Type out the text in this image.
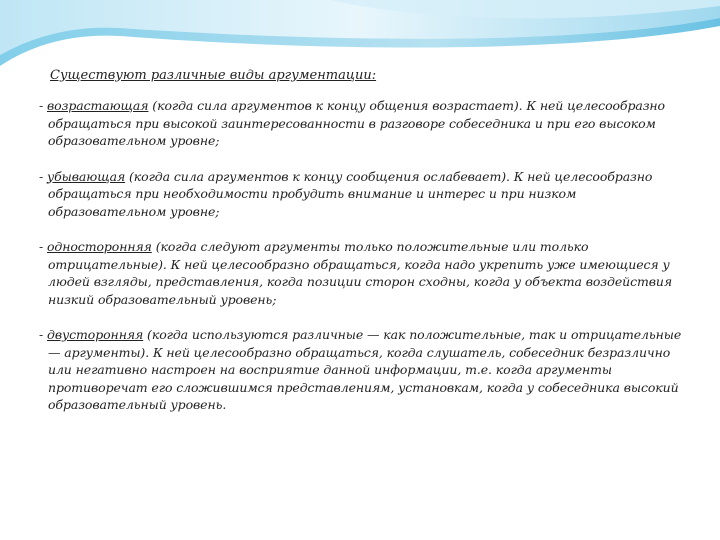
Существуют различные виды аргументации:

- возрастающая (когда сила аргументов к концу общения возрастает). К ней целесообразно обращаться при высокой заинтересованности в разговоре собеседника и при его высоком образовательном уровне;

- убывающая (когда сила аргументов к концу сообщения ослабевает). К ней целесообразно обращаться при необходимости пробудить внимание и интерес и при низком образовательном уровне;

- односторонняя (когда следуют аргументы только положительные или только отрицательные). К ней целесообразно обращаться, когда надо укрепить уже имеющиеся у людей взгляды, представления, когда позиции сторон сходны, когда у объекта воздействия низкий образовательный уровень;

- двусторонняя (когда используются различные — как положительные, так и отрицательные — аргументы). К ней целесообразно обращаться, когда слушатель, собеседник безразлично или негативно настроен на восприятие данной информации, т.е. когда аргументы противоречат его сложившимся представлениям, установкам, когда у собеседника высокий образовательный уровень.
